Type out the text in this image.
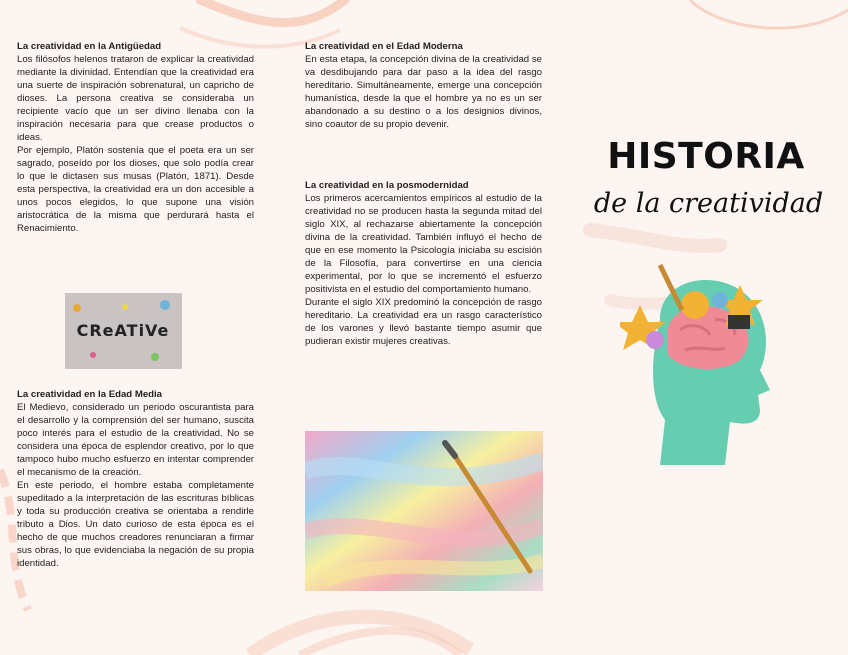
La creatividad en la Antigüedad

Los filósofos helenos trataron de explicar la creatividad mediante la divinidad. Entendían que la creatividad era una suerte de inspiración sobrenatural, un capricho de dioses. La persona creativa se consideraba un recipiente vacío que un ser divino llenaba con la inspiración necesaria para que crease productos o ideas.

Por ejemplo, Platón sostenía que el poeta era un ser sagrado, poseído por los dioses, que solo podía crear lo que le dictasen sus musas (Platón, 1871). Desde esta perspectiva, la creatividad era un don accesible a unos pocos elegidos, lo que supone una visión aristocrática de la misma que perdurará hasta el Renacimiento.

CReATiVe
La creatividad en la Edad Media

El Medievo, considerado un periodo oscurantista para el desarrollo y la comprensión del ser humano, suscita poco interés para el estudio de la creatividad. No se considera una época de esplendor creativo, por lo que tampoco hubo mucho esfuerzo en intentar comprender el mecanismo de la creación.

En este periodo, el hombre estaba completamente supeditado a la interpretación de las escrituras bíblicas y toda su producción creativa se orientaba a rendirle tributo a Dios. Un dato curioso de esta época es el hecho de que muchos creadores renunciaran a firmar sus obras, lo que evidenciaba la negación de su propia identidad.

La creatividad en el Edad Moderna

En esta etapa, la concepción divina de la creatividad se va desdibujando para dar paso a la idea del rasgo hereditario. Simultáneamente, emerge una concepción humanística, desde la que el hombre ya no es un ser abandonado a su destino o a los designios divinos, sino coautor de su propio devenir.

La creatividad en la posmodernidad

Los primeros acercamientos empíricos al estudio de la creatividad no se producen hasta la segunda mitad del siglo XIX, al rechazarse abiertamente la concepción divina de la creatividad. También influyó el hecho de que en ese momento la Psicología iniciaba su escisión de la Filosofía, para convertirse en una ciencia experimental, por lo que se incrementó el esfuerzo positivista en el estudio del comportamiento humano.

Durante el siglo XIX predominó la concepción de rasgo hereditario. La creatividad era un rasgo característico de los varones y llevó bastante tiempo asumir que pudieran existir mujeres creativas.

HISTORIA
de la creatividad
